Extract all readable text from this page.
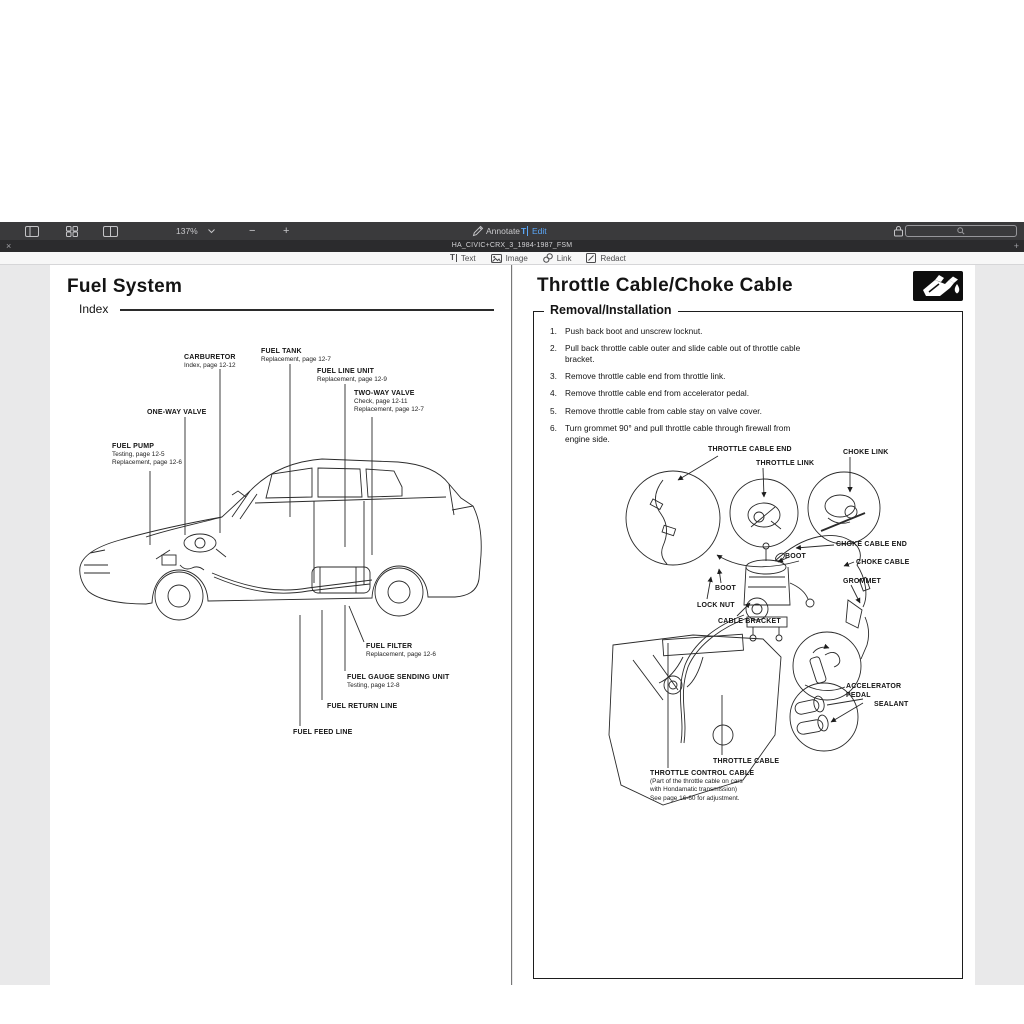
137%	−	+	Annotate T Edit
×	HA_CIVIC+CRX_3_1984-1987_FSM	+
T Text	Image	Link	Redact
Fuel System
Index
CARBURETOR
Index, page 12-12
FUEL TANK
Replacement, page 12-7
FUEL LINE UNIT
Replacement, page 12-9
TWO-WAY VALVE
Check, page 12-11
Replacement, page 12-7
ONE-WAY VALVE
FUEL PUMP
Testing, page 12-5
Replacement, page 12-6
FUEL FILTER
Replacement, page 12-6
FUEL GAUGE SENDING UNIT
Testing, page 12-8
FUEL RETURN LINE
FUEL FEED LINE
Throttle Cable/Choke Cable
Removal/Installation
1. Push back boot and unscrew locknut.
2. Pull back throttle cable outer and slide cable out of throttle cable bracket.
3. Remove throttle cable end from throttle link.
4. Remove throttle cable end from accelerator pedal.
5. Remove throttle cable from cable stay on valve cover.
6. Turn grommet 90° and pull throttle cable through firewall from engine side.
THROTTLE CABLE END
THROTTLE LINK
CHOKE LINK
CHOKE CABLE END
BOOT
CHOKE CABLE
GROMMET
BOOT
LOCK NUT
CABLE BRACKET
ACCELERATOR PEDAL
SEALANT
THROTTLE CABLE
THROTTLE CONTROL CABLE
(Part of the throttle cable on cars
with Hondamatic transmission)
See page 16-60 for adjustment.
